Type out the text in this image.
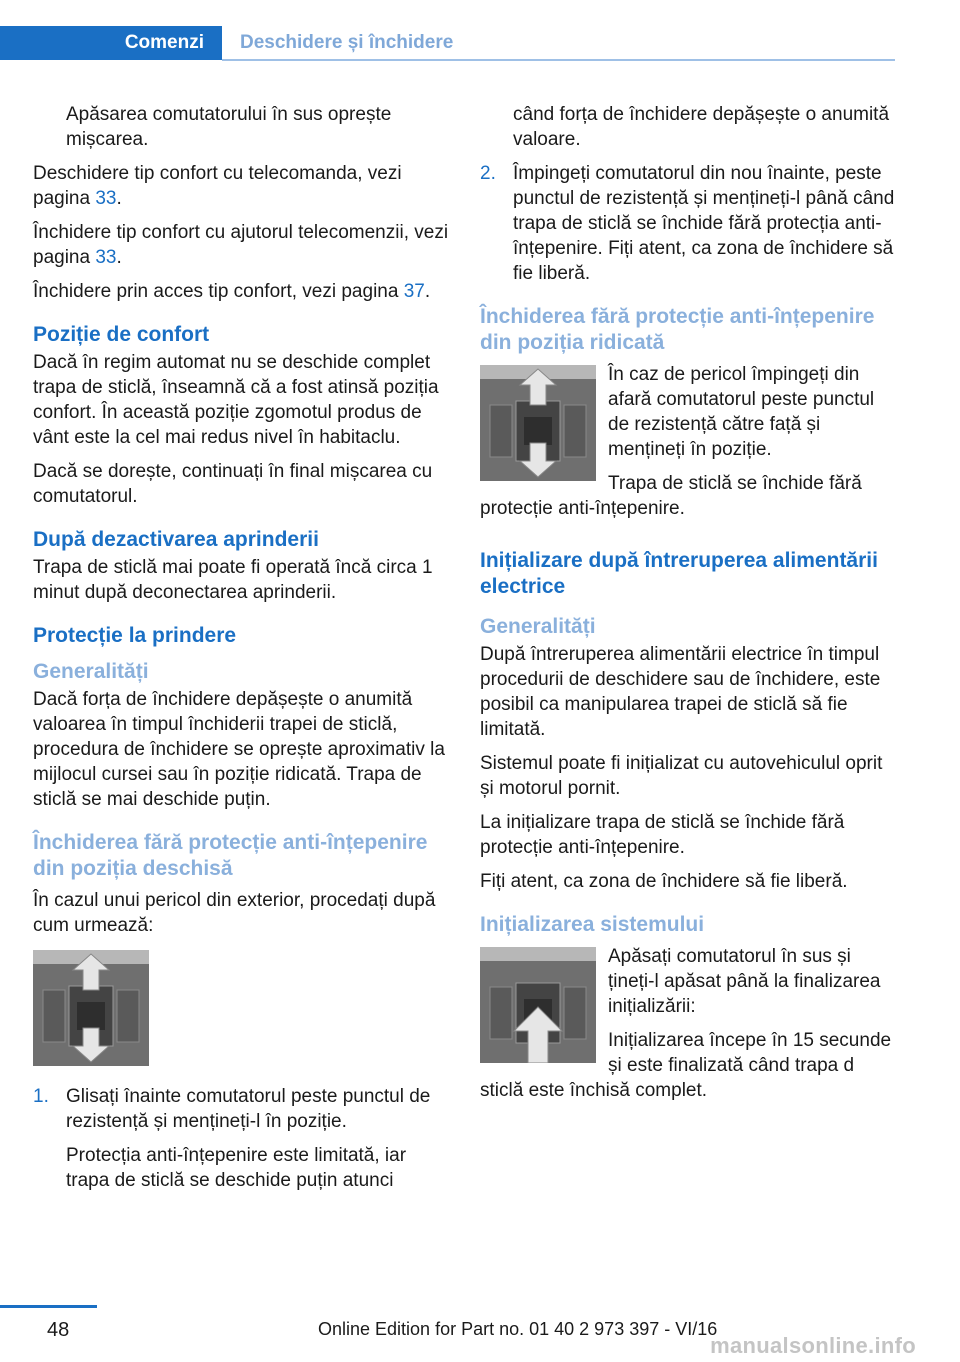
Comenzi Deschidere și închidere

Apăsarea comutatorului în sus oprește mișcarea.

Deschidere tip confort cu telecomanda, vezi pagina 33.

Închidere tip confort cu ajutorul telecomenzii, vezi pagina 33.

Închidere prin acces tip confort, vezi pagina 37.

Poziție de confort

Dacă în regim automat nu se deschide complet trapa de sticlă, înseamnă că a fost atinsă poziția confort. În această poziție zgomotul produs de vânt este la cel mai redus nivel în habitaclu.

Dacă se dorește, continuați în final mișcarea cu comutatorul.

După dezactivarea aprinderii

Trapa de sticlă mai poate fi operată încă circa 1 minut după deconectarea aprinderii.

Protecție la prindere
Generalități

Dacă forța de închidere depășește o anumită valoarea în timpul închiderii trapei de sticlă, procedura de închidere se oprește aproximativ la mijlocul cursei sau în poziție ridicată. Trapa de sticlă se mai deschide puțin.

Închiderea fără protecție anti-înțepenire din poziția deschisă

În cazul unui pericol din exterior, procedați după cum urmează:

1. Glisați înainte comutatorul peste punctul de rezistență și mențineți-l în poziție.
Protecția anti-înțepenire este limitată, iar trapa de sticlă se deschide puțin atunci

când forța de închidere depășește o anumită valoare.

2. Împingeți comutatorul din nou înainte, peste punctul de rezistență și mențineți-l până când trapa de sticlă se închide fără protecția anti-înțepenire. Fiți atent, ca zona de închidere să fie liberă.
Închiderea fără protecție anti-înțepenire din poziția ridicată

În caz de pericol împingeți din afară comutatorul peste punctul de rezistență către față și mențineți în poziție.

Trapa de sticlă se închide fără protecție anti-înțepenire.

Inițializare după întreruperea alimentării electrice
Generalități

După întreruperea alimentării electrice în timpul procedurii de deschidere sau de închidere, este posibil ca manipularea trapei de sticlă să fie limitată.

Sistemul poate fi inițializat cu autovehiculul oprit și motorul pornit.

La inițializare trapa de sticlă se închide fără protecție anti-înțepenire.

Fiți atent, ca zona de închidere să fie liberă.

Inițializarea sistemului

Apăsați comutatorul în sus și țineți-l apăsat până la finalizarea inițializării:

Inițializarea începe în 15 secunde și este finalizată când trapa d sticlă este închisă complet.

48	Online Edition for Part no. 01 40 2 973 397 - VI/16
manualsonline.info
